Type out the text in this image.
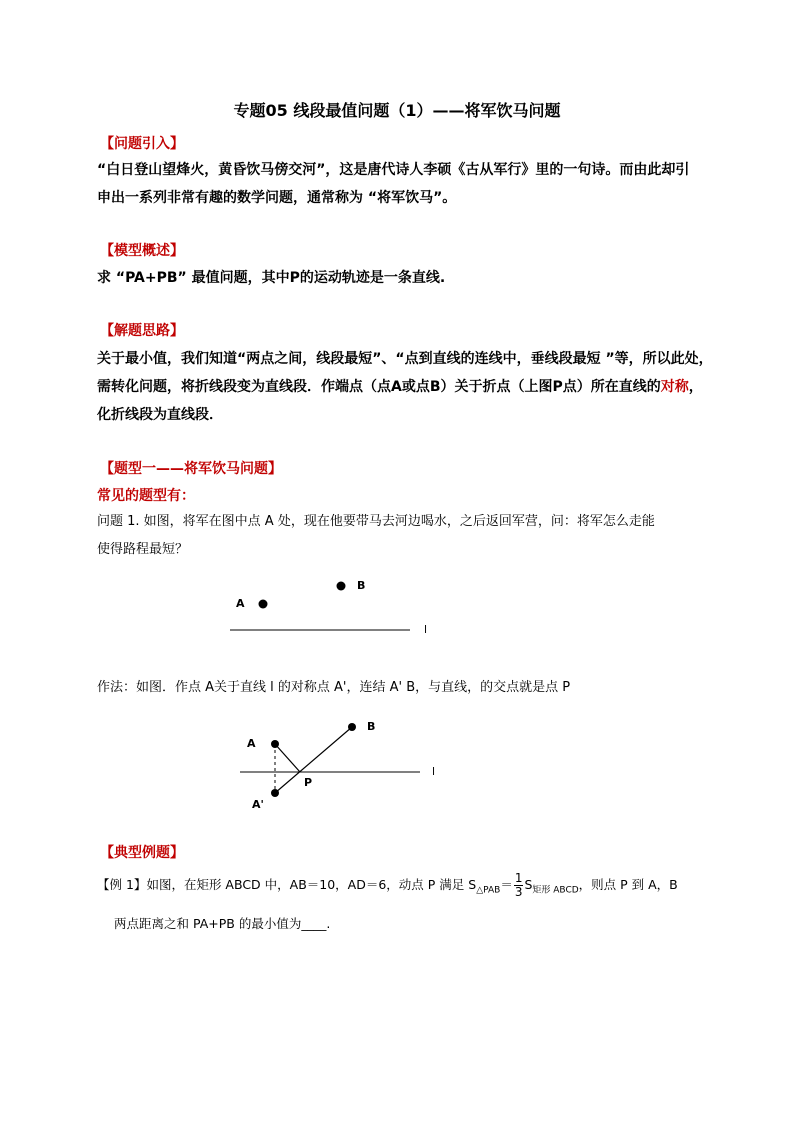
专题05 线段最值问题（1）——将军饮马问题
【问题引入】
“白日登山望烽火，黄昏饮马傍交河”，这是唐代诗人李硕《古从军行》里的一句诗。而由此却引
申出一系列非常有趣的数学问题，通常称为 “将军饮马”。
【模型概述】
求 “PA+PB” 最值问题，其中P的运动轨迹是一条直线.
【解题思路】
关于最小值，我们知道“两点之间，线段最短”、“点到直线的连线中，垂线段最短 ”等，所以此处，
需转化问题，将折线段变为直线段．作端点（点A或点B）关于折点（上图P点）所在直线的对称，
化折线段为直线段．
【题型一——将军饮马问题】
常见的题型有：
问题 1. 如图，将军在图中点 A 处，现在他要带马去河边喝水，之后返回军营，问：将军怎么走能
使得路程最短？
A
B
l
作法：如图．作点 A关于直线 l 的对称点 A'，连结 A' B，与直线，的交点就是点 P
A
B
l
P
A'
【典型例题】
【例 1】如图，在矩形 ABCD 中，AB＝10，AD＝6，动点 P 满足 $S_{\triangle PAB}= \frac{1}{3} S_{矩形 ABCD}$，则点 P 到 A，B
两点距离之和 PA+PB 的最小值为____.
